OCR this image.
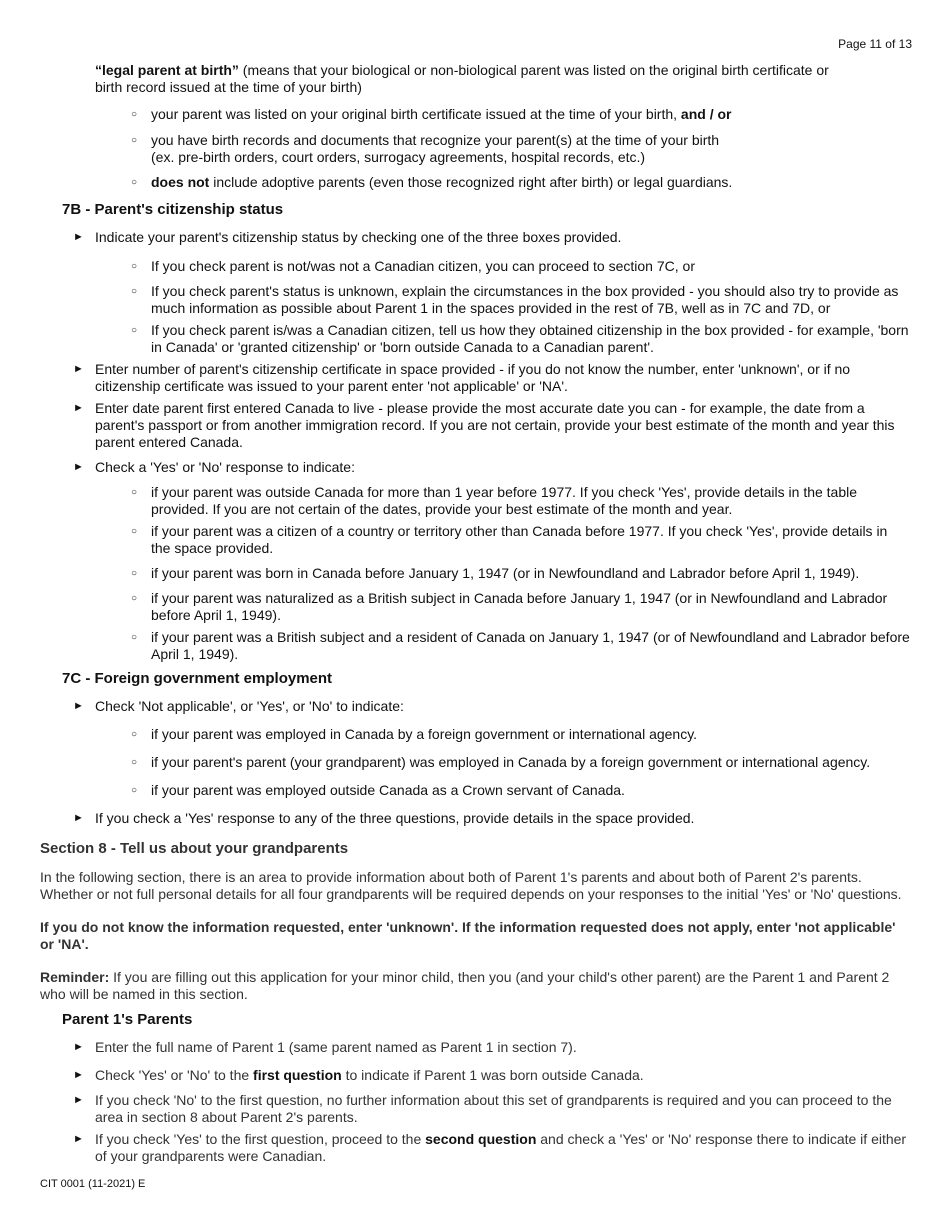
Page 11 of 13
“legal parent at birth” (means that your biological or non-biological parent was listed on the original birth certificate or
birth record issued at the time of your birth)
○ your parent was listed on your original birth certificate issued at the time of your birth, and / or
○ you have birth records and documents that recognize your parent(s) at the time of your birth
(ex. pre-birth orders, court orders, surrogacy agreements, hospital records, etc.)
○ does not include adoptive parents (even those recognized right after birth) or legal guardians.
7B - Parent's citizenship status
► Indicate your parent's citizenship status by checking one of the three boxes provided.
○ If you check parent is not/was not a Canadian citizen, you can proceed to section 7C, or
○ If you check parent's status is unknown, explain the circumstances in the box provided - you should also try to provide as
much information as possible about Parent 1 in the spaces provided in the rest of 7B, well as in 7C and 7D, or
○ If you check parent is/was a Canadian citizen, tell us how they obtained citizenship in the box provided - for example, 'born
in Canada' or 'granted citizenship' or 'born outside Canada to a Canadian parent'.
► Enter number of parent's citizenship certificate in space provided - if you do not know the number, enter 'unknown', or if no
citizenship certificate was issued to your parent enter 'not applicable' or 'NA'.
► Enter date parent first entered Canada to live - please provide the most accurate date you can - for example, the date from a
parent's passport or from another immigration record. If you are not certain, provide your best estimate of the month and year this
parent entered Canada.
► Check a 'Yes' or 'No' response to indicate:
○ if your parent was outside Canada for more than 1 year before 1977. If you check 'Yes', provide details in the table
provided. If you are not certain of the dates, provide your best estimate of the month and year.
○ if your parent was a citizen of a country or territory other than Canada before 1977. If you check 'Yes', provide details in
the space provided.
○ if your parent was born in Canada before January 1, 1947 (or in Newfoundland and Labrador before April 1, 1949).
○ if your parent was naturalized as a British subject in Canada before January 1, 1947 (or in Newfoundland and Labrador
before April 1, 1949).
○ if your parent was a British subject and a resident of Canada on January 1, 1947 (or of Newfoundland and Labrador before
April 1, 1949).
7C - Foreign government employment
► Check 'Not applicable', or 'Yes', or 'No' to indicate:
○ if your parent was employed in Canada by a foreign government or international agency.
○ if your parent's parent (your grandparent) was employed in Canada by a foreign government or international agency.
○ if your parent was employed outside Canada as a Crown servant of Canada.
► If you check a 'Yes' response to any of the three questions, provide details in the space provided.
Section 8 - Tell us about your grandparents
In the following section, there is an area to provide information about both of Parent 1's parents and about both of Parent 2's parents.
Whether or not full personal details for all four grandparents will be required depends on your responses to the initial 'Yes' or 'No' questions.
If you do not know the information requested, enter 'unknown'. If the information requested does not apply, enter 'not applicable'
or 'NA'.
Reminder: If you are filling out this application for your minor child, then you (and your child's other parent) are the Parent 1 and Parent 2
who will be named in this section.
Parent 1's Parents
► Enter the full name of Parent 1 (same parent named as Parent 1 in section 7).
► Check 'Yes' or 'No' to the first question to indicate if Parent 1 was born outside Canada.
► If you check 'No' to the first question, no further information about this set of grandparents is required and you can proceed to the
area in section 8 about Parent 2's parents.
► If you check 'Yes' to the first question, proceed to the second question and check a 'Yes' or 'No' response there to indicate if either
of your grandparents were Canadian.
CIT 0001 (11-2021) E
